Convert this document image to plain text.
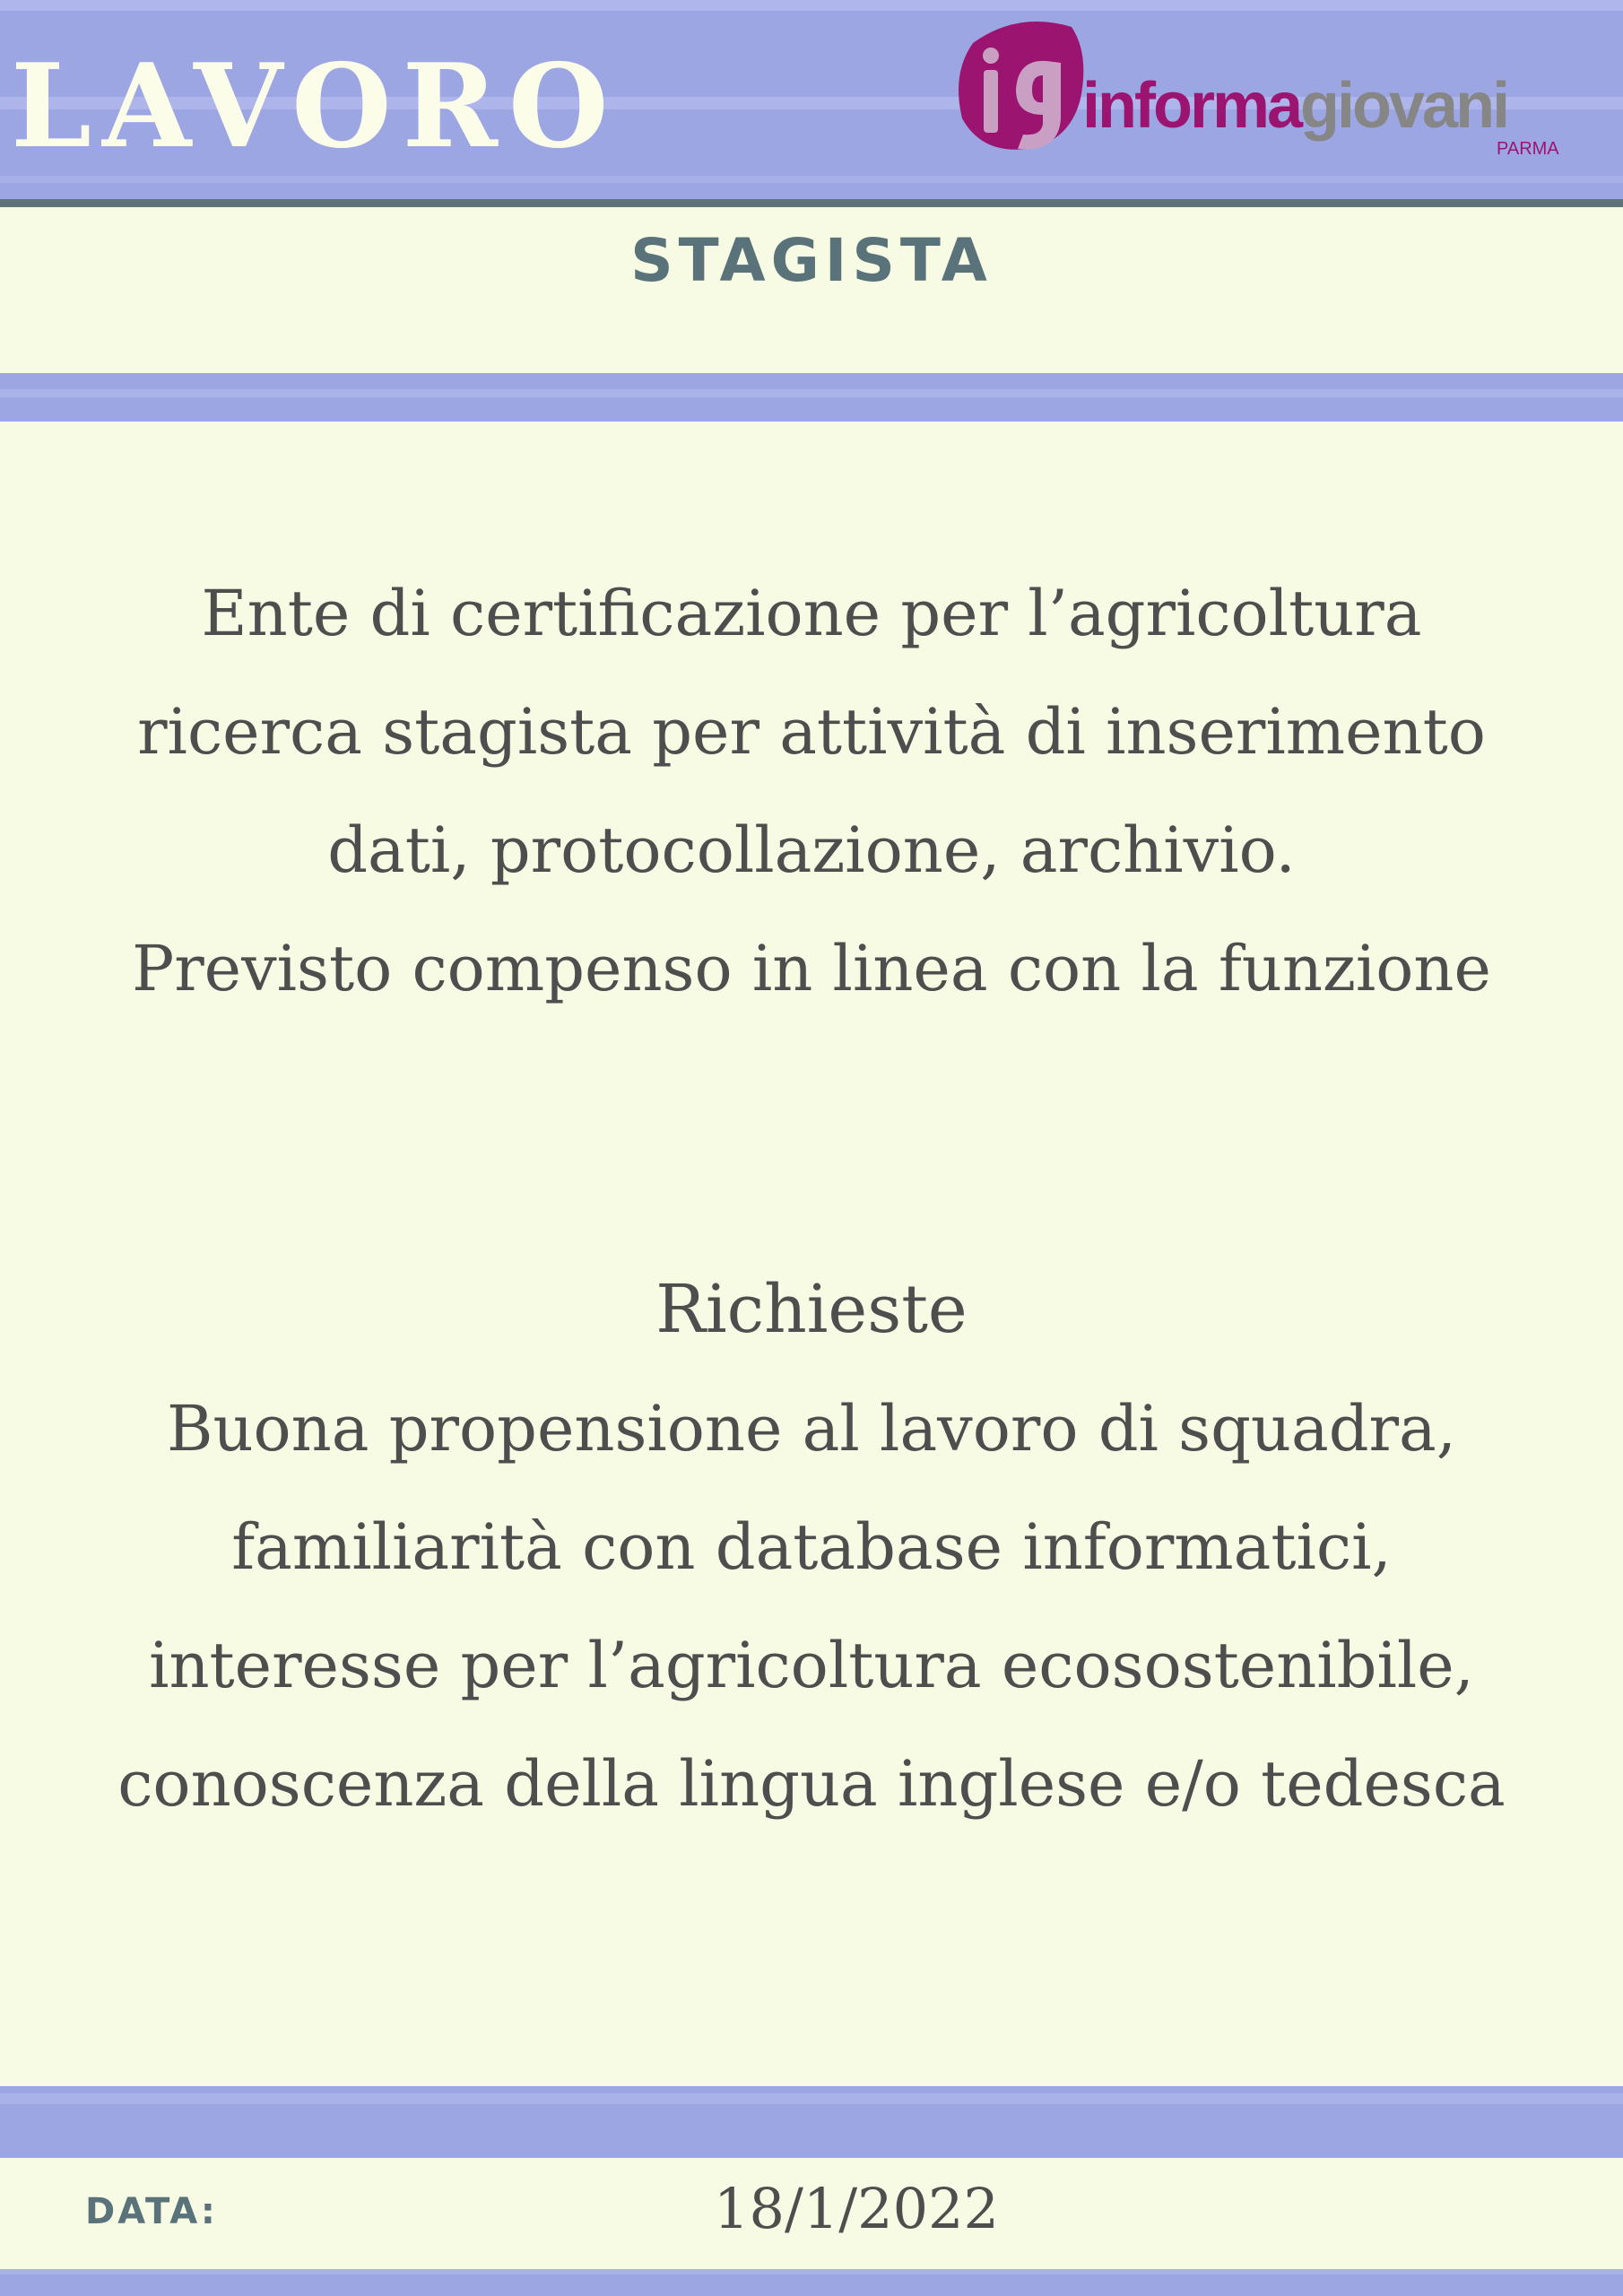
LAVORO	informagiovani
PARMA
STAGISTA

Ente di certificazione per l’agricoltura
ricerca stagista per attività di inserimento
dati, protocollazione, archivio.
Previsto compenso in linea con la funzione

Richieste

Buona propensione al lavoro di squadra,
familiarità con database informatici,
interesse per l’agricoltura ecosostenibile,
conoscenza della lingua inglese e/o tedesca

DATA:	18/1/2022
